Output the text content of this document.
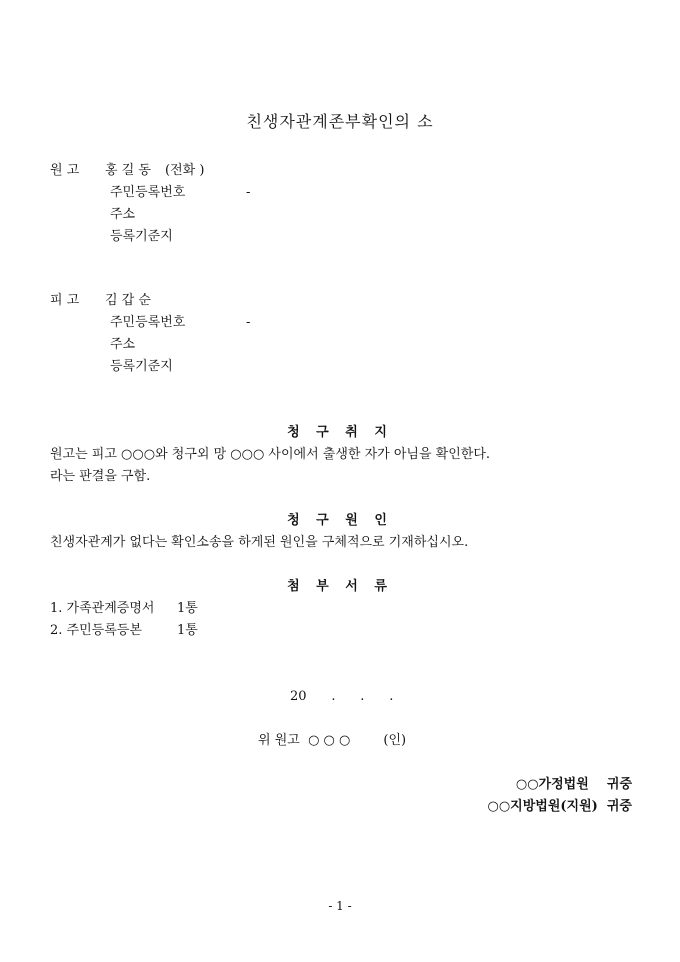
친생자관계존부확인의 소
원 고 홍 길 동 (전화 )
주민등록번호	-
주소
등록기준지
피 고 김 갑 순
주민등록번호	-
주소
등록기준지
청 구 취 지
원고는 피고 ○○○와 청구외 망 ○○○ 사이에서 출생한 자가 아님을 확인한다.
라는 판결을 구함.
청 구 원 인
친생자관계가 없다는 확인소송을 하게된 원인을 구체적으로 기재하십시오.
첨 부 서 류
1. 가족관계증명서 1통
2. 주민등록등본	1통
20      .      .      .
위 원고  ○ ○ ○        (인)
○○가정법원    귀중
○○지방법원(지원)  귀중
- 1 -
